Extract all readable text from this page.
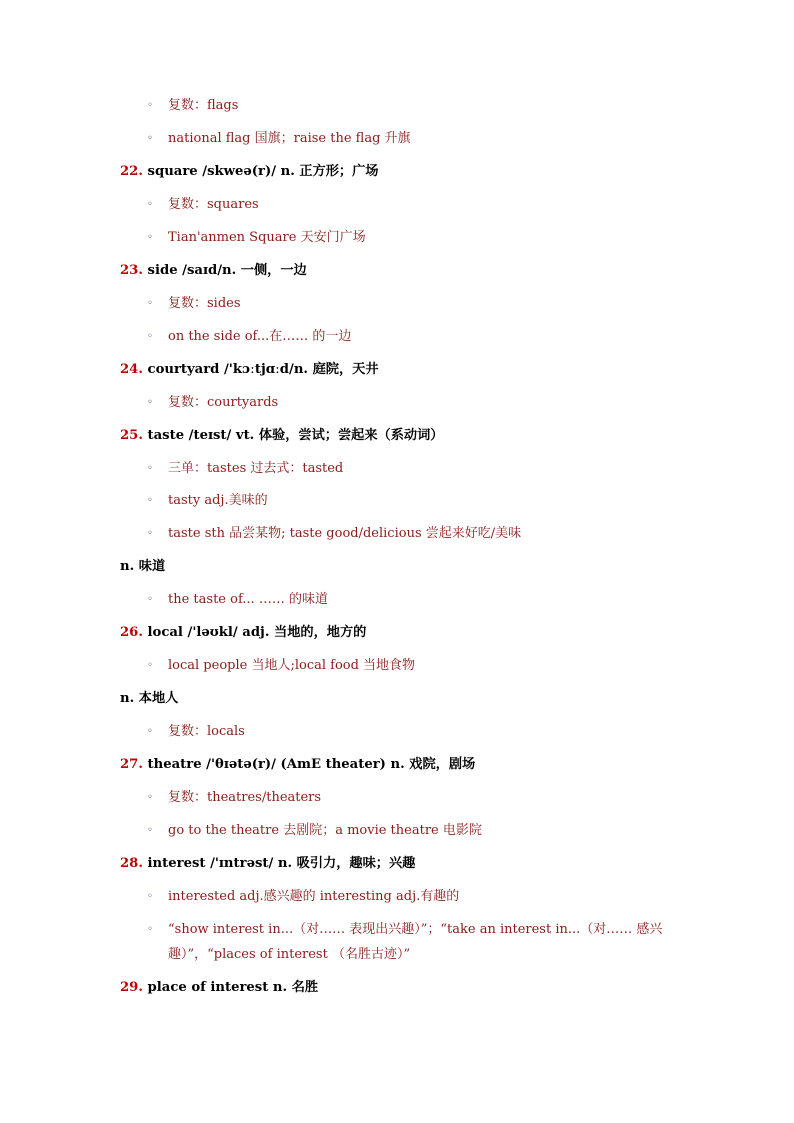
◦ 复数：flags
◦ national flag 国旗；raise the flag 升旗
22. square /skweə(r)/ n. 正方形；广场
◦ 复数：squares
◦ Tian'anmen Square 天安门广场
23. side /saɪd/n. 一侧，一边
◦ 复数：sides
◦ on the side of...在…… 的一边
24. courtyard /'kɔːtjɑːd/n. 庭院，天井
◦ 复数：courtyards
25. taste /teɪst/ vt. 体验，尝试；尝起来（系动词）
◦ 三单：tastes 过去式：tasted
◦ tasty adj.美味的
◦ taste sth 品尝某物; taste good/delicious 尝起来好吃/美味
n. 味道
◦ the taste of... …… 的味道
26. local /'ləʊkl/ adj. 当地的，地方的
◦ local people 当地人;local food 当地食物
n. 本地人
◦ 复数：locals
27. theatre /'θɪətə(r)/ (AmE theater) n. 戏院，剧场
◦ 复数：theatres/theaters
◦ go to the theatre 去剧院；a movie theatre 电影院
28. interest /'ɪntrəst/ n. 吸引力，趣味；兴趣
◦ interested adj.感兴趣的 interesting adj.有趣的
◦ “show interest in...（对…… 表现出兴趣）”；“take an interest in...（对…… 感兴
趣）”，“places of interest （名胜古迹）”
29. place of interest n. 名胜
